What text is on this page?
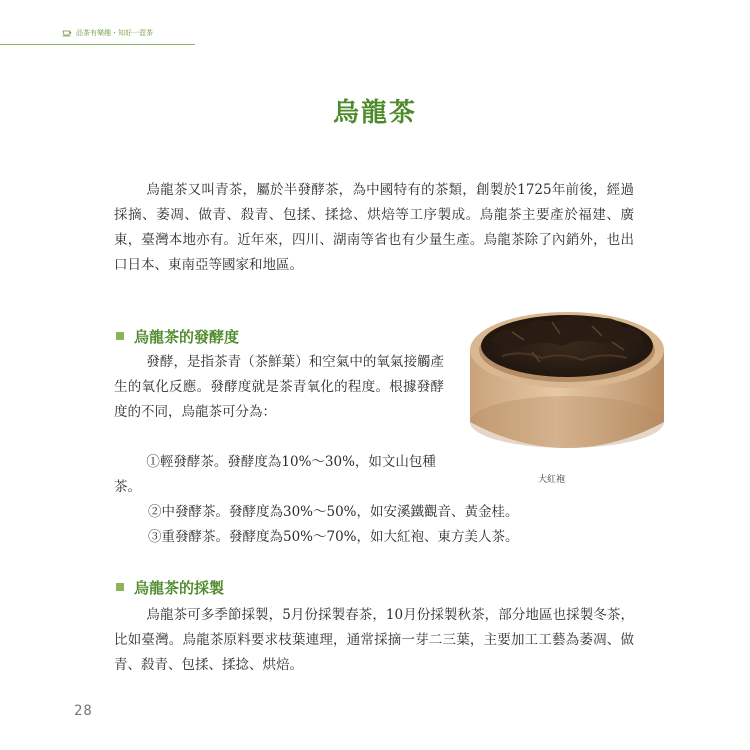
品茶有樂趣・知好一壺茶
烏龍茶

烏龍茶又叫青茶，屬於半發酵茶，為中國特有的茶類，創製於1725年前後，經過採摘、萎凋、做青、殺青、包揉、揉捻、烘焙等工序製成。烏龍茶主要產於福建、廣東，臺灣本地亦有。近年來，四川、湖南等省也有少量生產。烏龍茶除了內銷外，也出口日本、東南亞等國家和地區。

烏龍茶的發酵度

發酵，是指茶青（茶鮮葉）和空氣中的氧氣接觸產生的氧化反應。發酵度就是茶青氧化的程度。根據發酵度的不同，烏龍茶可分為：

①輕發酵茶。發酵度為10%～30%，如文山包種茶。

②中發酵茶。發酵度為30%～50%，如安溪鐵觀音、黃金桂。

③重發酵茶。發酵度為50%～70%，如大紅袍、東方美人茶。

大紅袍
烏龍茶的採製

烏龍茶可多季節採製，5月份採製春茶，10月份採製秋茶，部分地區也採製冬茶，比如臺灣。烏龍茶原料要求枝葉連理，通常採摘一芽二三葉，主要加工工藝為萎凋、做青、殺青、包揉、揉捻、烘焙。

28
